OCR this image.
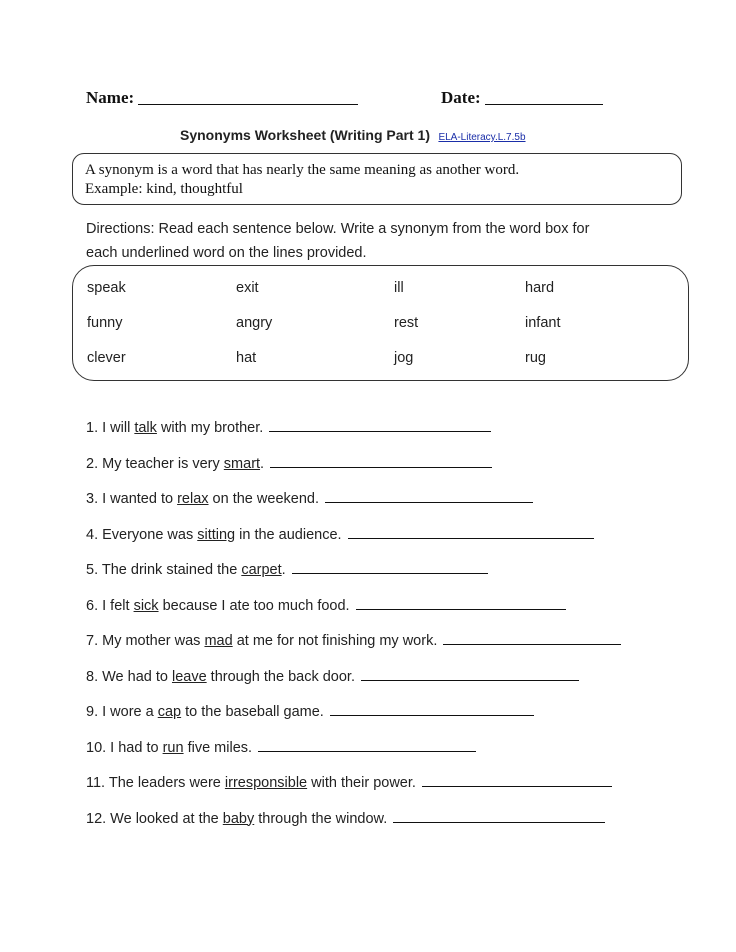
Name:	Date:
Synonyms Worksheet (Writing Part 1) ELA-Literacy.L.7.5b
A synonym is a word that has nearly the same meaning as another word.
Example: kind, thoughtful
Directions: Read each sentence below. Write a synonym from the word box for
each underlined word on the lines provided.
speak	exit	ill	hard
funny	angry	rest	infant
clever	hat	jog	rug
1. I will talk with my brother.
2. My teacher is very smart .
3. I wanted to relax on the weekend.
4. Everyone was sitting in the audience.
5. The drink stained the carpet .
6. I felt sick because I ate too much food.
7. My mother was mad at me for not finishing my work.
8. We had to leave through the back door.
9. I wore a cap to the baseball game.
10. I had to run five miles.
11. The leaders were irresponsible with their power.
12. We looked at the baby through the window.
